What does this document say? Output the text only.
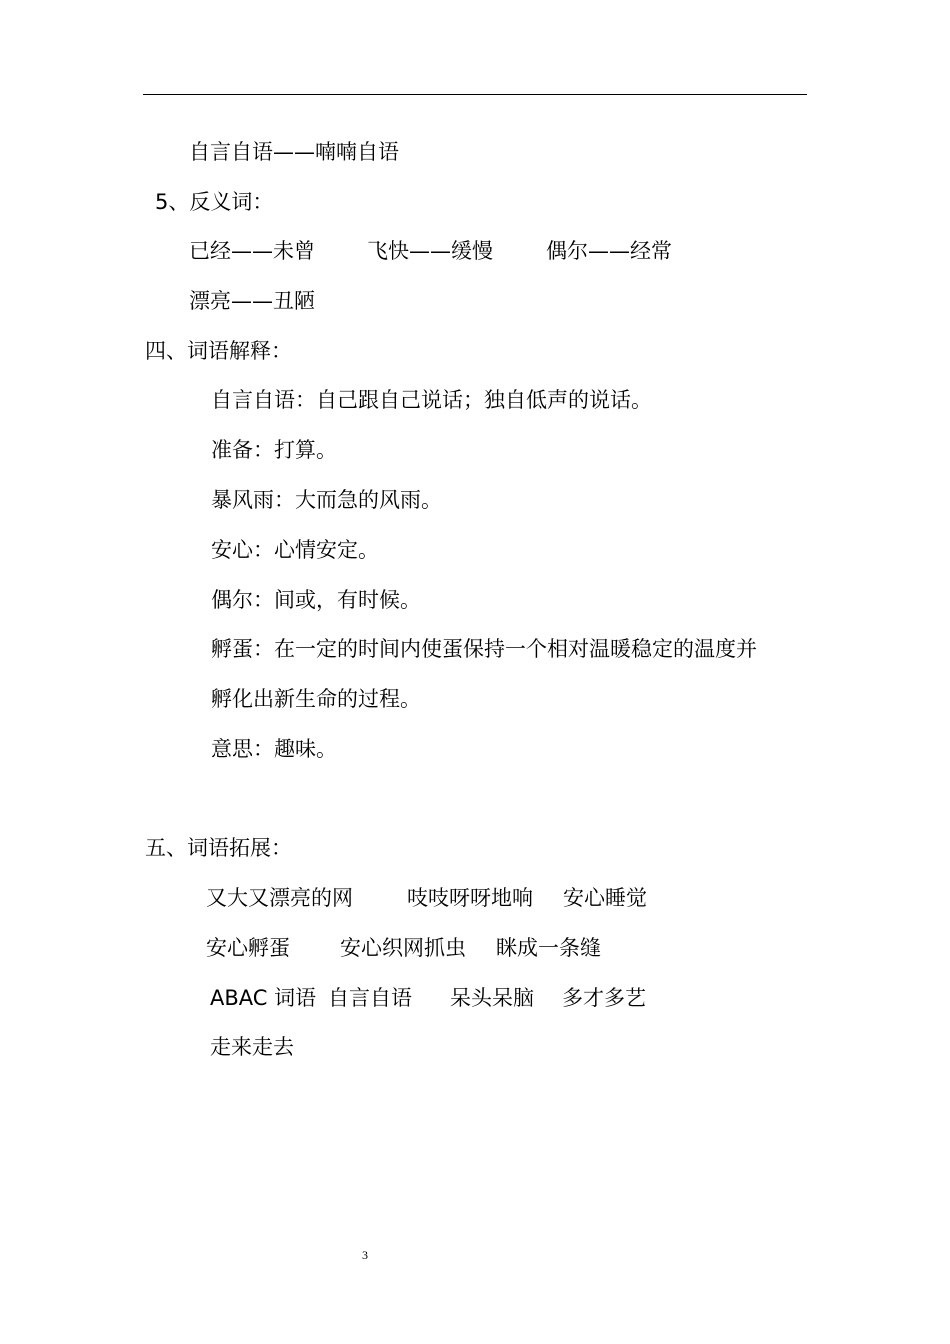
自言自语——喃喃自语
5、反义词：
已经——未曾 飞快——缓慢	偶尔——经常
漂亮——丑陋
四、词语解释：
自言自语：自己跟自己说话；独自低声的说话。
准备：打算。
暴风雨：大而急的风雨。
安心：心情安定。
偶尔：间或，有时候。
孵蛋：在一定的时间内使蛋保持一个相对温暖稳定的温度并
孵化出新生命的过程。
意思：趣味。
五、词语拓展：
又大又漂亮的网	吱吱呀呀地响 安心睡觉
安心孵蛋 安心织网抓虫 眯成一条缝
ABAC 词语 自言自语 呆头呆脑 多才多艺
走来走去
3
